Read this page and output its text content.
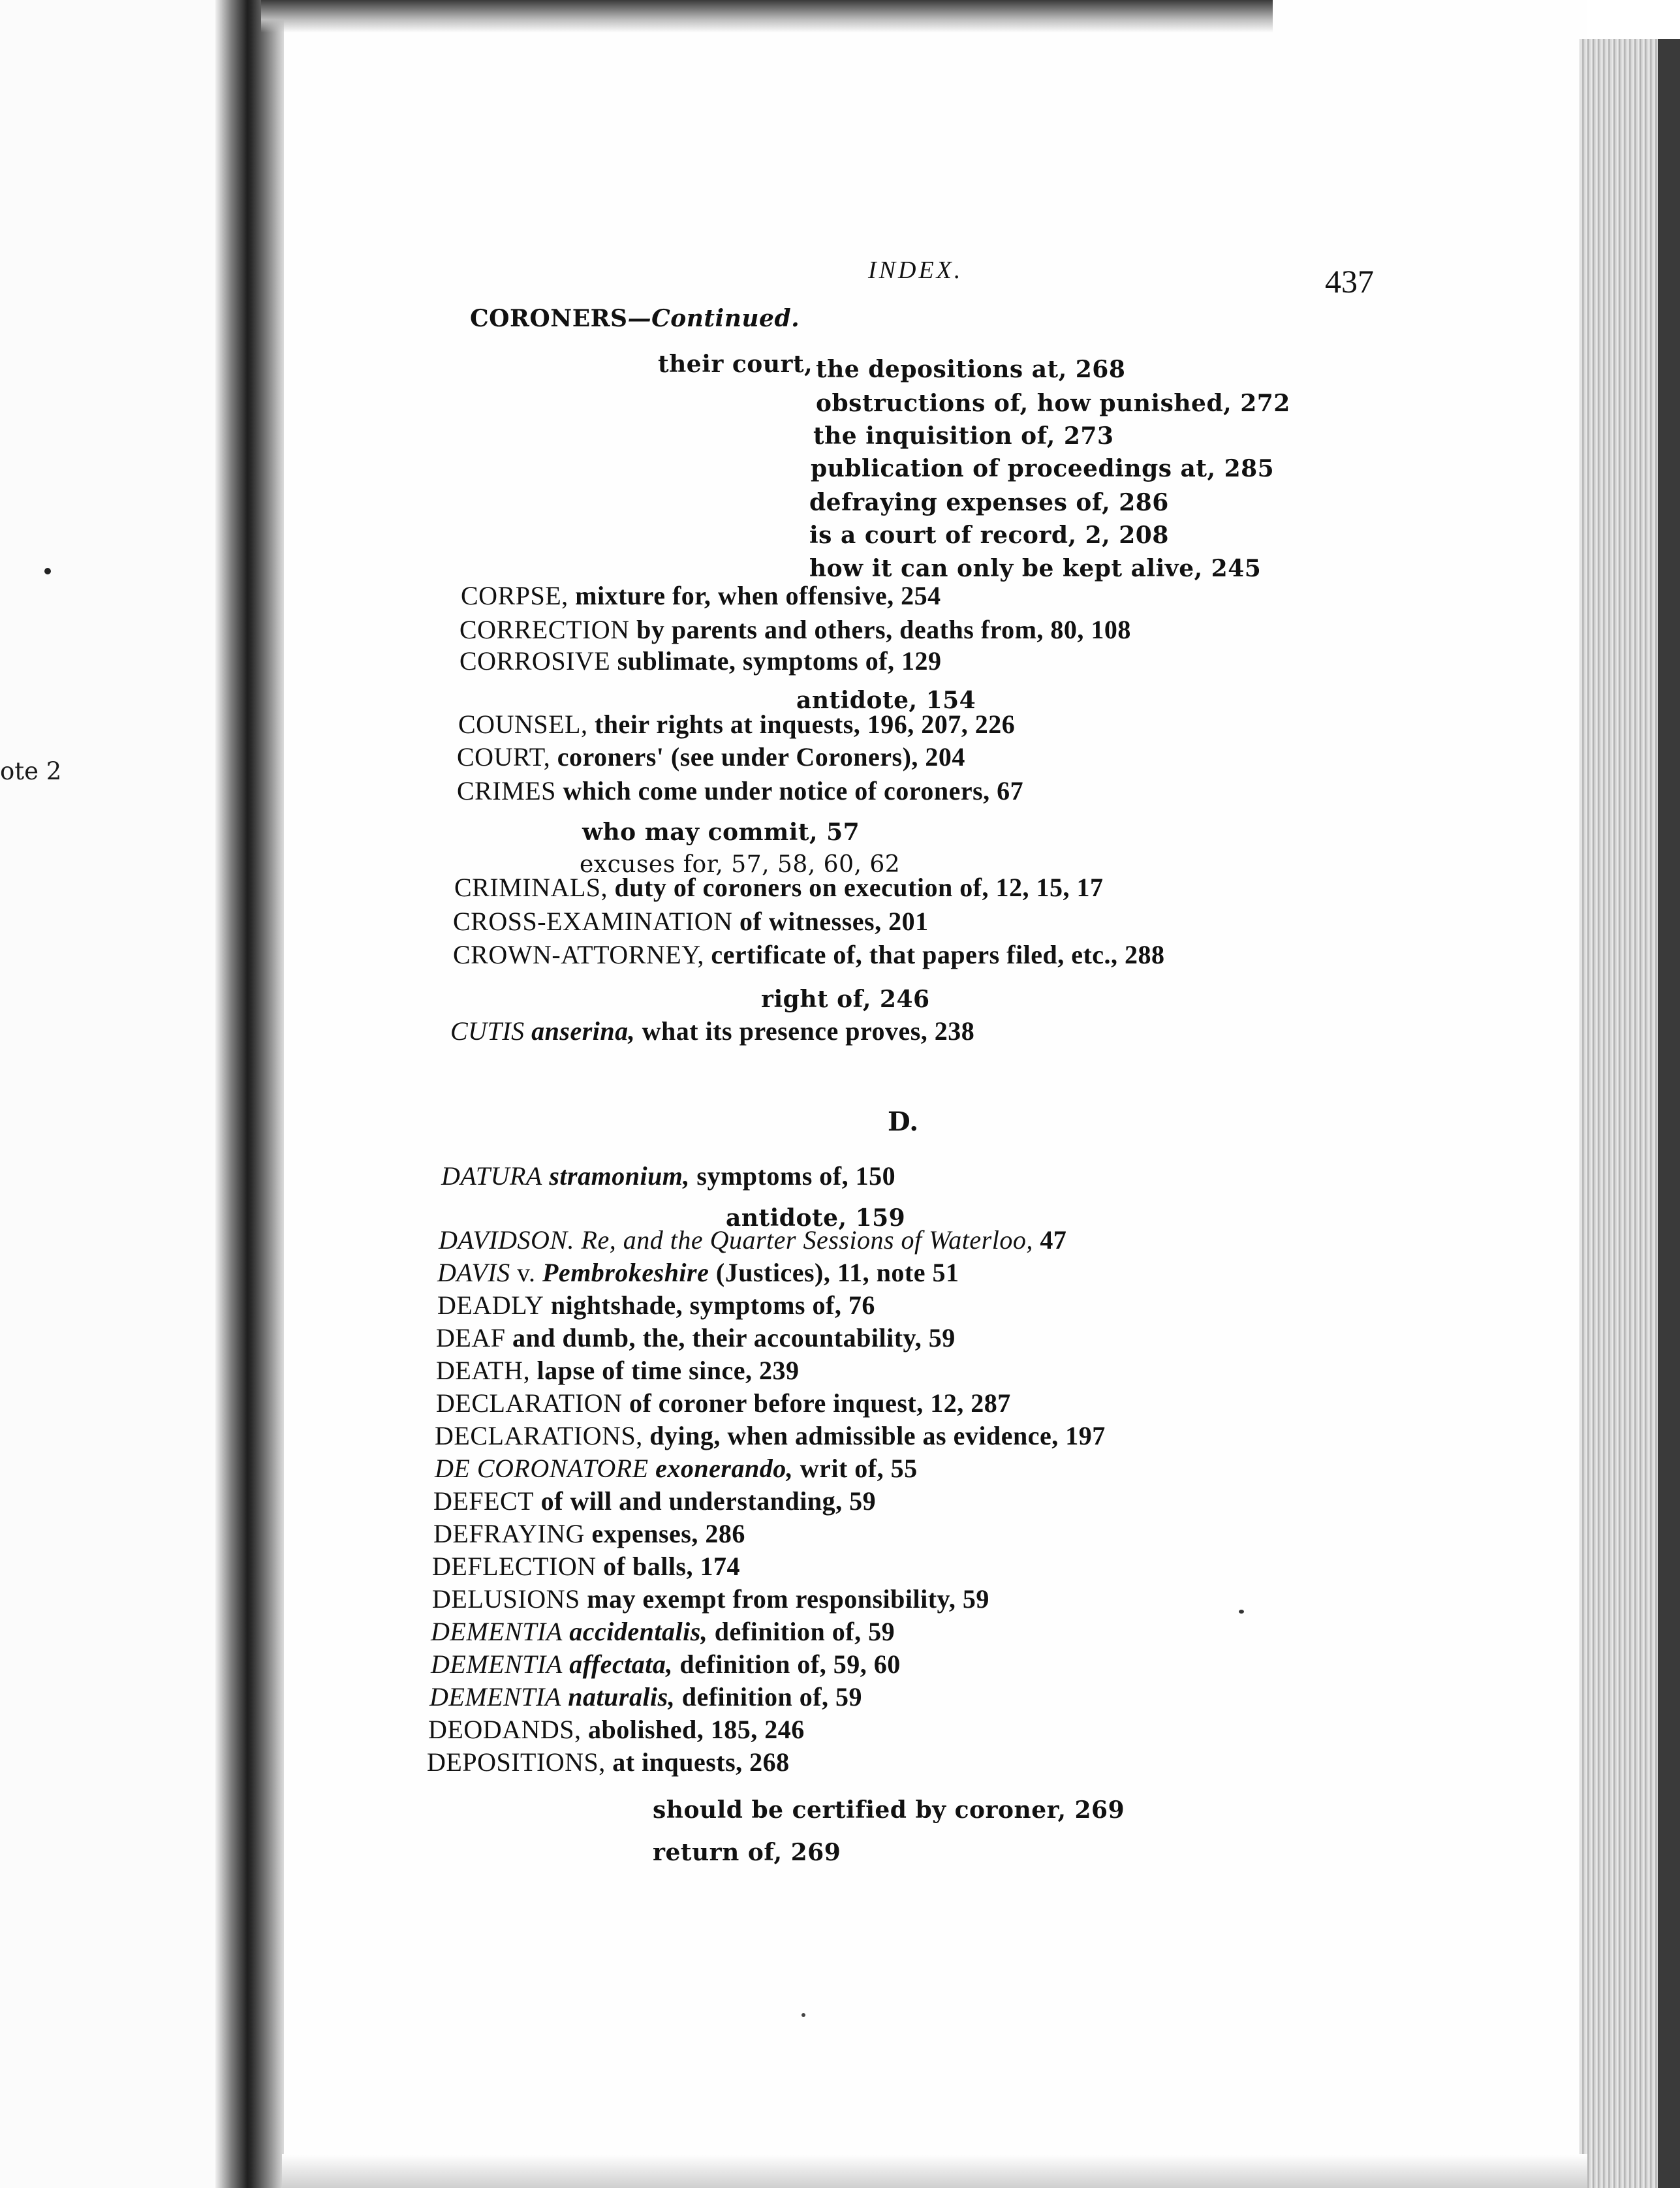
ote 2
INDEX.	437
CORONERS—Continued.
their court, the depositions at, 268
obstructions of, how punished, 272
the inquisition of, 273
publication of proceedings at, 285
defraying expenses of, 286
is a court of record, 2, 208
how it can only be kept alive, 245
CORPSE, mixture for, when offensive, 254
CORRECTION by parents and others, deaths from, 80, 108
CORROSIVE sublimate, symptoms of, 129
antidote, 154
COUNSEL, their rights at inquests, 196, 207, 226
COURT, coroners' (see under Coroners), 204
CRIMES which come under notice of coroners, 67
who may commit, 57
excuses for, 57, 58, 60, 62
CRIMINALS, duty of coroners on execution of, 12, 15, 17
CROSS-EXAMINATION of witnesses, 201
CROWN-ATTORNEY, certificate of, that papers filed, etc., 288
right of, 246
CUTIS anserina, what its presence proves, 238
D.
DATURA stramonium, symptoms of, 150
antidote, 159
DAVIDSON. Re, and the Quarter Sessions of Waterloo, 47
DAVIS v. Pembrokeshire (Justices), 11, note 51
DEADLY nightshade, symptoms of, 76
DEAF and dumb, the, their accountability, 59
DEATH, lapse of time since, 239
DECLARATION of coroner before inquest, 12, 287
DECLARATIONS, dying, when admissible as evidence, 197
DE CORONATORE exonerando, writ of, 55
DEFECT of will and understanding, 59
DEFRAYING expenses, 286
DEFLECTION of balls, 174
DELUSIONS may exempt from responsibility, 59
DEMENTIA accidentalis, definition of, 59
DEMENTIA affectata, definition of, 59, 60
DEMENTIA naturalis, definition of, 59
DEODANDS, abolished, 185, 246
DEPOSITIONS, at inquests, 268
should be certified by coroner, 269
return of, 269
